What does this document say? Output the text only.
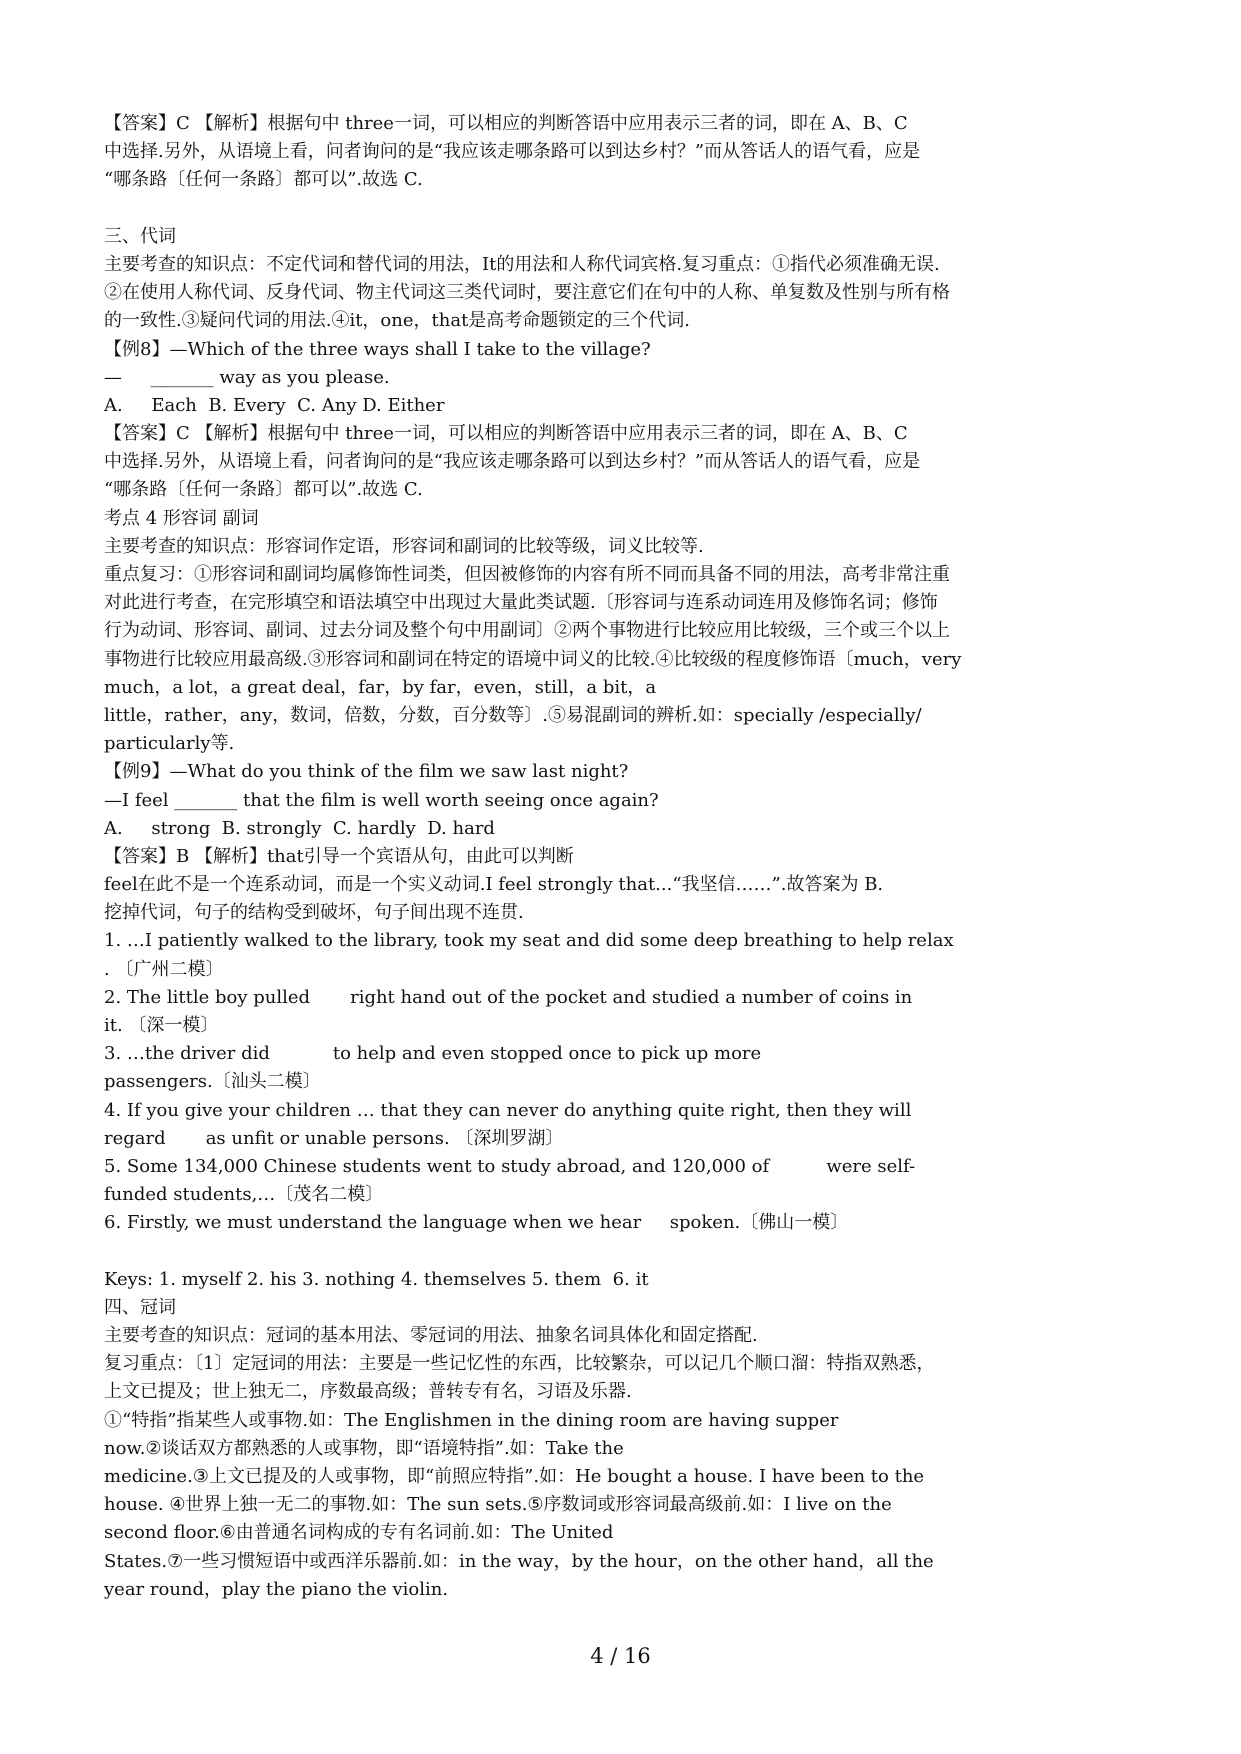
【答案】C 【解析】根据句中 three一词，可以相应的判断答语中应用表示三者的词，即在 A、B、C
中选择.另外，从语境上看，问者询问的是“我应该走哪条路可以到达乡村？”而从答话人的语气看，应是
“哪条路〔任何一条路〕都可以”.故选 C.
三、代词
主要考查的知识点：不定代词和替代词的用法，It的用法和人称代词宾格.复习重点：①指代必须准确无误.
②在使用人称代词、反身代词、物主代词这三类代词时，要注意它们在句中的人称、单复数及性别与所有格
的一致性.③疑问代词的用法.④it，one，that是高考命题锁定的三个代词.
【例8】—Which of the three ways shall I take to the village?
—     _______ way as you please.
A.     Each  B. Every  C. Any D. Either
【答案】C 【解析】根据句中 three一词，可以相应的判断答语中应用表示三者的词，即在 A、B、C
中选择.另外，从语境上看，问者询问的是“我应该走哪条路可以到达乡村？”而从答话人的语气看，应是
“哪条路〔任何一条路〕都可以”.故选 C.
考点 4 形容词 副词
主要考查的知识点：形容词作定语，形容词和副词的比较等级，词义比较等.
重点复习：①形容词和副词均属修饰性词类，但因被修饰的内容有所不同而具备不同的用法，高考非常注重
对此进行考查，在完形填空和语法填空中出现过大量此类试题.〔形容词与连系动词连用及修饰名词；修饰
行为动词、形容词、副词、过去分词及整个句中用副词〕②两个事物进行比较应用比较级，三个或三个以上
事物进行比较应用最高级.③形容词和副词在特定的语境中词义的比较.④比较级的程度修饰语〔much，very
much，a lot，a great deal，far，by far，even，still，a bit，a
little，rather，any，数词，倍数，分数，百分数等〕.⑤易混副词的辨析.如：specially /especially/
particularly等.
【例9】—What do you think of the film we saw last night?
—I feel _______ that the film is well worth seeing once again?
A.     strong  B. strongly  C. hardly  D. hard
【答案】B 【解析】that引导一个宾语从句，由此可以判断
feel在此不是一个连系动词，而是一个实义动词.I feel strongly that...“我坚信……”.故答案为 B.
挖掉代词，句子的结构受到破坏，句子间出现不连贯.
1. …I patiently walked to the library, took my seat and did some deep breathing to help relax
. 〔广州二模〕
2. The little boy pulled       right hand out of the pocket and studied a number of coins in
it. 〔深一模〕
3. …the driver did           to help and even stopped once to pick up more
passengers.〔汕头二模〕
4. If you give your children … that they can never do anything quite right, then they will
regard       as unfit or unable persons. 〔深圳罗湖〕
5. Some 134,000 Chinese students went to study abroad, and 120,000 of          were self-
funded students,…〔茂名二模〕
6. Firstly, we must understand the language when we hear     spoken.〔佛山一模〕
Keys: 1. myself 2. his 3. nothing 4. themselves 5. them  6. it
四、冠词
主要考查的知识点：冠词的基本用法、零冠词的用法、抽象名词具体化和固定搭配.
复习重点：〔1〕定冠词的用法：主要是一些记忆性的东西，比较繁杂，可以记几个顺口溜：特指双熟悉，
上文已提及；世上独无二，序数最高级；普转专有名，习语及乐器.
①“特指”指某些人或事物.如：The Englishmen in the dining room are having supper
now.②谈话双方都熟悉的人或事物，即“语境特指”.如：Take the
medicine.③上文已提及的人或事物，即“前照应特指”.如：He bought a house. I have been to the
house. ④世界上独一无二的事物.如：The sun sets.⑤序数词或形容词最高级前.如：I live on the
second floor.⑥由普通名词构成的专有名词前.如：The United
States.⑦一些习惯短语中或西洋乐器前.如：in the way，by the hour，on the other hand，all the
year round，play the piano the violin.
4 / 16
